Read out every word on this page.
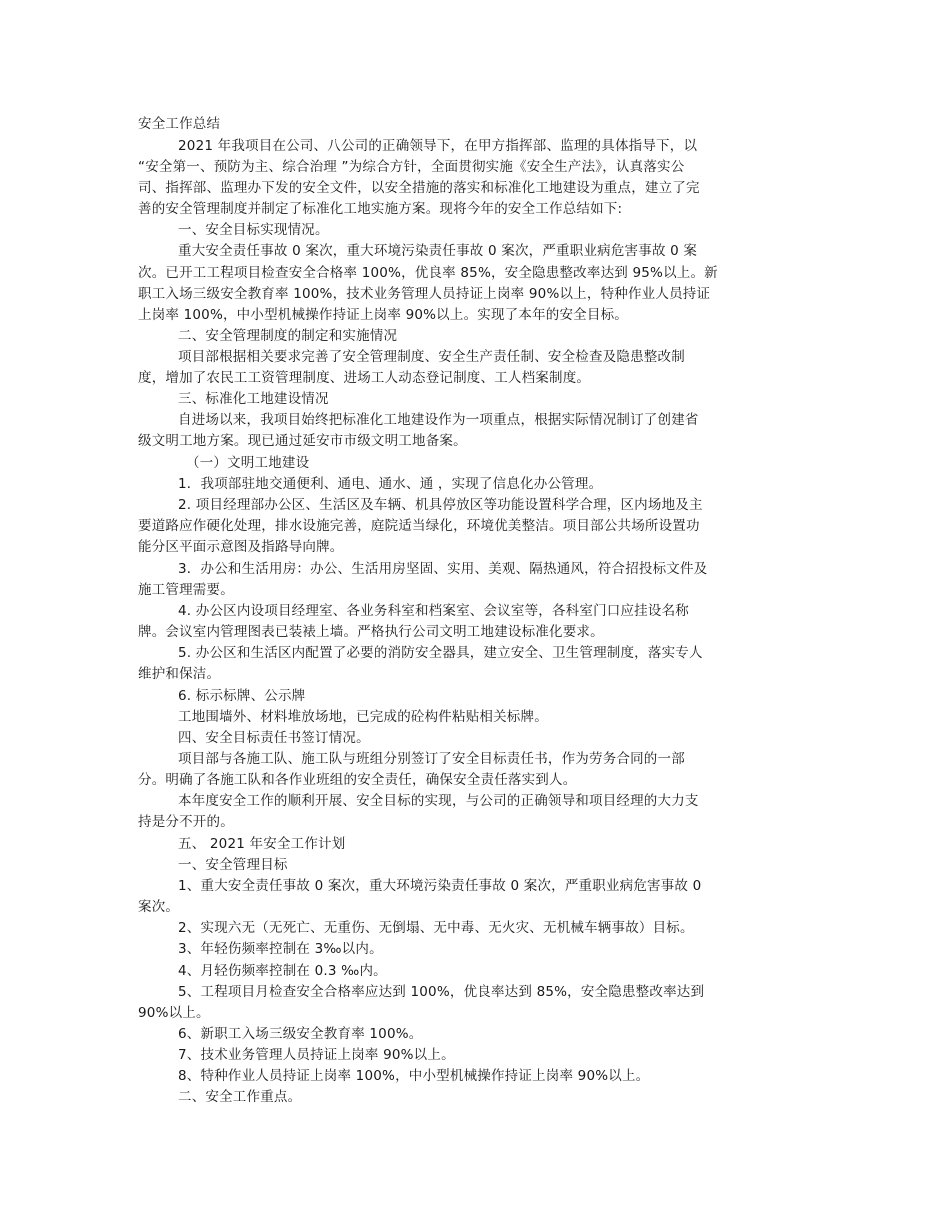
安全工作总结
2021 年我项目在公司、八公司的正确领导下，在甲方指挥部、监理的具体指导下，以
“安全第一、预防为主、综合治理 ”为综合方针，全面贯彻实施《安全生产法》，认真落实公
司、指挥部、监理办下发的安全文件，以安全措施的落实和标准化工地建设为重点，建立了完
善的安全管理制度并制定了标准化工地实施方案。现将今年的安全工作总结如下:
一、安全目标实现情况。
重大安全责任事故 0 案次，重大环境污染责任事故 0 案次，严重职业病危害事故 0 案
次。已开工工程项目检查安全合格率 100%，优良率 85%，安全隐患整改率达到 95%以上。新
职工入场三级安全教育率 100%，技术业务管理人员持证上岗率 90%以上，特种作业人员持证
上岗率 100%，中小型机械操作持证上岗率 90%以上。实现了本年的安全目标。
二、安全管理制度的制定和实施情况
项目部根据相关要求完善了安全管理制度、安全生产责任制、安全检查及隐患整改制
度，增加了农民工工资管理制度、进场工人动态登记制度、工人档案制度。
三、标准化工地建设情况
自进场以来，我项目始终把标准化工地建设作为一项重点，根据实际情况制订了创建省
级文明工地方案。现已通过延安市市级文明工地备案。
（一）文明工地建设
1．我项部驻地交通便利、通电、通水、通 ，实现了信息化办公管理。
2. 项目经理部办公区、生活区及车辆、机具停放区等功能设置科学合理，区内场地及主
要道路应作硬化处理，排水设施完善，庭院适当绿化，环境优美整洁。项目部公共场所设置功
能分区平面示意图及指路导向牌。
3．办公和生活用房：办公、生活用房坚固、实用、美观、隔热通风，符合招投标文件及
施工管理需要。
4. 办公区内设项目经理室、各业务科室和档案室、会议室等，各科室门口应挂设名称
牌。会议室内管理图表已装裱上墙。严格执行公司文明工地建设标准化要求。
5. 办公区和生活区内配置了必要的消防安全器具，建立安全、卫生管理制度，落实专人
维护和保洁。
6. 标示标牌、公示牌
工地围墙外、材料堆放场地，已完成的砼构件粘贴相关标牌。
四、安全目标责任书签订情况。
项目部与各施工队、施工队与班组分别签订了安全目标责任书，作为劳务合同的一部
分。明确了各施工队和各作业班组的安全责任，确保安全责任落实到人。
本年度安全工作的顺利开展、安全目标的实现，与公司的正确领导和项目经理的大力支
持是分不开的。
五、 2021 年安全工作计划
一、安全管理目标
1、重大安全责任事故 0 案次，重大环境污染责任事故 0 案次，严重职业病危害事故 0
案次。
2、实现六无（无死亡、无重伤、无倒塌、无中毒、无火灾、无机械车辆事故）目标。
3、年轻伤频率控制在 3‰以内。
4、月轻伤频率控制在 0.3 ‰内。
5、工程项目月检查安全合格率应达到 100%，优良率达到 85%，安全隐患整改率达到
90%以上。
6、新职工入场三级安全教育率 100%。
7、技术业务管理人员持证上岗率 90%以上。
8、特种作业人员持证上岗率 100%，中小型机械操作持证上岗率 90%以上。
二、安全工作重点。
